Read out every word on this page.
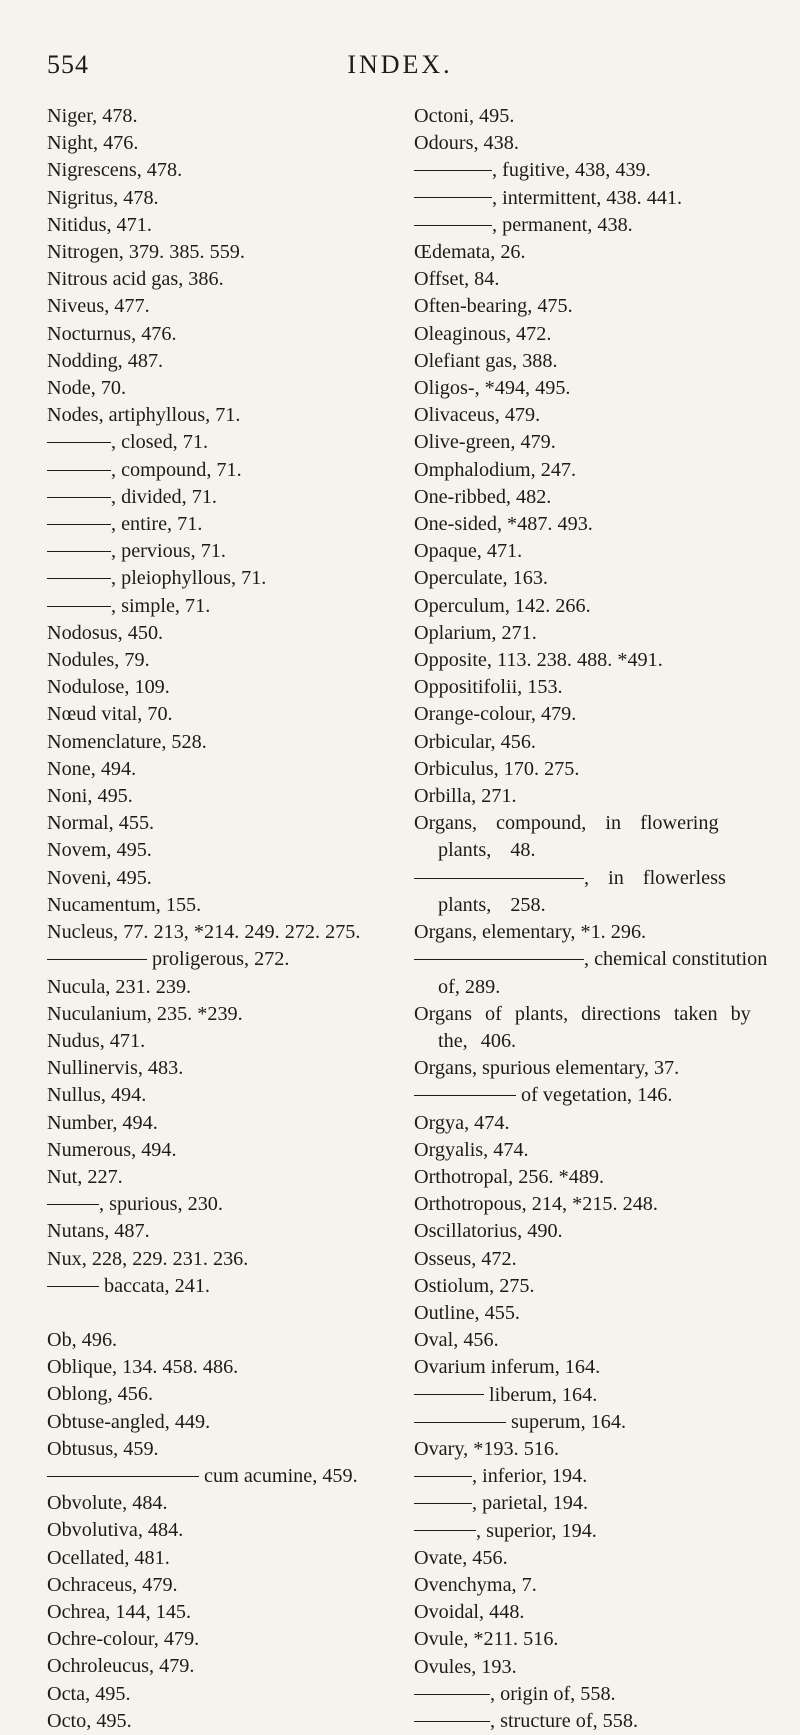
554	INDEX.
Niger, 478.
Night, 476.
Nigrescens, 478.
Nigritus, 478.
Nitidus, 471.
Nitrogen, 379. 385. 559.
Nitrous acid gas, 386.
Niveus, 477.
Nocturnus, 476.
Nodding, 487.
Node, 70.
Nodes, artiphyllous, 71.
, closed, 71.
, compound, 71.
, divided, 71.
, entire, 71.
, pervious, 71.
, pleiophyllous, 71.
, simple, 71.
Nodosus, 450.
Nodules, 79.
Nodulose, 109.
Nœud vital, 70.
Nomenclature, 528.
None, 494.
Noni, 495.
Normal, 455.
Novem, 495.
Noveni, 495.
Nucamentum, 155.
Nucleus, 77. 213, *214. 249. 272. 275.
proligerous, 272.
Nucula, 231. 239.
Nuculanium, 235. *239.
Nudus, 471.
Nullinervis, 483.
Nullus, 494.
Number, 494.
Numerous, 494.
Nut, 227.
, spurious, 230.
Nutans, 487.
Nux, 228, 229. 231. 236.
baccata, 241.
Ob, 496.
Oblique, 134. 458. 486.
Oblong, 456.
Obtuse-angled, 449.
Obtusus, 459.
cum acumine, 459.
Obvolute, 484.
Obvolutiva, 484.
Ocellated, 481.
Ochraceus, 479.
Ochrea, 144, 145.
Ochre-colour, 479.
Ochroleucus, 479.
Octa, 495.
Octo, 495.
Octoni, 495.
Odours, 438.
, fugitive, 438, 439.
, intermittent, 438. 441.
, permanent, 438.
Œdemata, 26.
Offset, 84.
Often-bearing, 475.
Oleaginous, 472.
Olefiant gas, 388.
Oligos-, *494, 495.
Olivaceus, 479.
Olive-green, 479.
Omphalodium, 247.
One-ribbed, 482.
One-sided, *487. 493.
Opaque, 471.
Operculate, 163.
Operculum, 142. 266.
Oplarium, 271.
Opposite, 113. 238. 488. *491.
Oppositifolii, 153.
Orange-colour, 479.
Orbicular, 456.
Orbiculus, 170. 275.
Orbilla, 271.
Organs, compound, in flowering plants, 48.
, in flowerless plants, 258.
Organs, elementary, *1. 296.
, chemical constitution of, 289.
Organs of plants, directions taken by the, 406.
Organs, spurious elementary, 37.
of vegetation, 146.
Orgya, 474.
Orgyalis, 474.
Orthotropal, 256. *489.
Orthotropous, 214, *215. 248.
Oscillatorius, 490.
Osseus, 472.
Ostiolum, 275.
Outline, 455.
Oval, 456.
Ovarium inferum, 164.
liberum, 164.
superum, 164.
Ovary, *193. 516.
, inferior, 194.
, parietal, 194.
, superior, 194.
Ovate, 456.
Ovenchyma, 7.
Ovoidal, 448.
Ovule, *211. 516.
Ovules, 193.
, origin of, 558.
, structure of, 558.
